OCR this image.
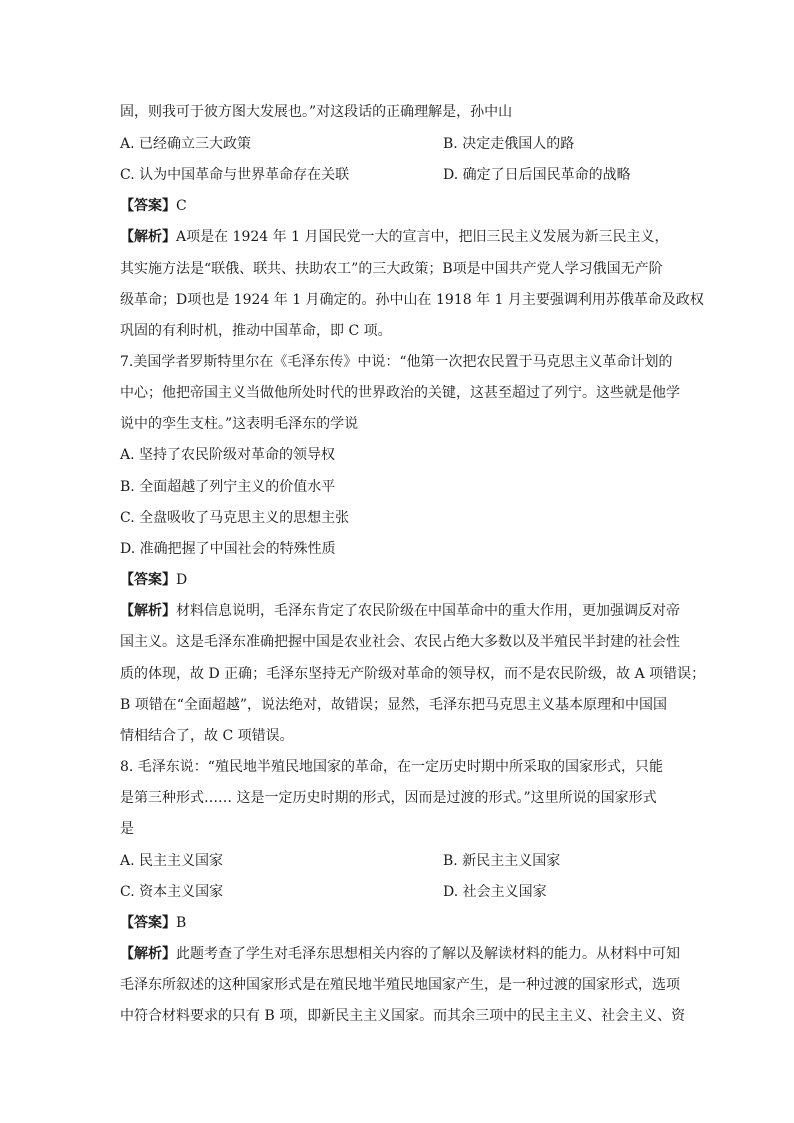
固，则我可于彼方图大发展也。”对这段话的正确理解是，孙中山
A. 已经确立三大政策	B. 决定走俄国人的路
C. 认为中国革命与世界革命存在关联	D. 确定了日后国民革命的战略
【答案】C
【解析】A项是在 1924 年 1 月国民党一大的宣言中，把旧三民主义发展为新三民主义，
其实施方法是“联俄、联共、扶助农工”的三大政策；B项是中国共产党人学习俄国无产阶
级革命；D项也是 1924 年 1 月确定的。孙中山在 1918 年 1 月主要强调利用苏俄革命及政权
巩固的有利时机，推动中国革命，即 C 项。
7.美国学者罗斯特里尔在《毛泽东传》中说：“他第一次把农民置于马克思主义革命计划的
中心；他把帝国主义当做他所处时代的世界政治的关键，这甚至超过了列宁。这些就是他学
说中的孪生支柱。”这表明毛泽东的学说
A. 坚持了农民阶级对革命的领导权
B. 全面超越了列宁主义的价值水平
C. 全盘吸收了马克思主义的思想主张
D. 准确把握了中国社会的特殊性质
【答案】D
【解析】材料信息说明，毛泽东肯定了农民阶级在中国革命中的重大作用，更加强调反对帝
国主义。这是毛泽东准确把握中国是农业社会、农民占绝大多数以及半殖民半封建的社会性
质的体现，故 D 正确；毛泽东坚持无产阶级对革命的领导权，而不是农民阶级，故 A 项错误；
B 项错在“全面超越”，说法绝对，故错误；显然，毛泽东把马克思主义基本原理和中国国
情相结合了，故 C 项错误。
8. 毛泽东说：“殖民地半殖民地国家的革命，在一定历史时期中所采取的国家形式，只能
是第三种形式…… 这是一定历史时期的形式，因而是过渡的形式。”这里所说的国家形式
是
A. 民主主义国家	B. 新民主主义国家
C. 资本主义国家	D. 社会主义国家
【答案】B
【解析】此题考查了学生对毛泽东思想相关内容的了解以及解读材料的能力。从材料中可知
毛泽东所叙述的这种国家形式是在殖民地半殖民地国家产生，是一种过渡的国家形式，选项
中符合材料要求的只有 B 项，即新民主主义国家。而其余三项中的民主主义、社会主义、资
